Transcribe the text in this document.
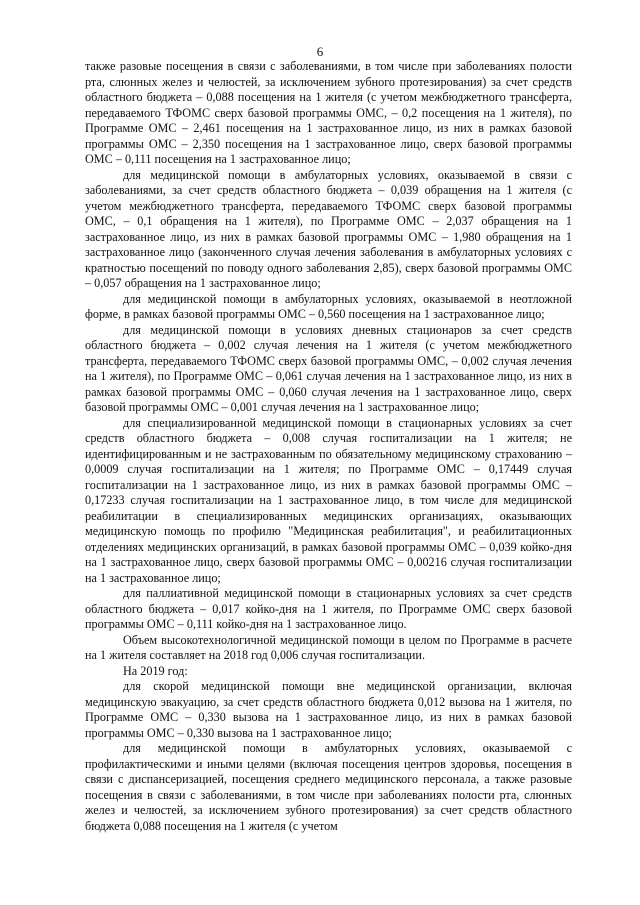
6

также разовые посещения в связи с заболеваниями, в том числе при заболеваниях полости рта, слюнных желез и челюстей, за исключением зубного протезирования) за счет средств областного бюджета – 0,088 посещения на 1 жителя (с учетом межбюджетного трансферта, передаваемого ТФОМС сверх базовой программы ОМС, – 0,2 посещения на 1 жителя), по Программе ОМС – 2,461 посещения на 1 застрахованное лицо, из них в рамках базовой программы ОМС – 2,350 посещения на 1 застрахованное лицо, сверх базовой программы ОМС – 0,111 посещения на 1 застрахованное лицо;

для медицинской помощи в амбулаторных условиях, оказываемой в связи с заболеваниями, за счет средств областного бюджета – 0,039 обращения на 1 жителя (с учетом межбюджетного трансферта, передаваемого ТФОМС сверх базовой программы ОМС, – 0,1 обращения на 1 жителя), по Программе ОМС – 2,037 обращения на 1 застрахованное лицо, из них в рамках базовой программы ОМС – 1,980 обращения на 1 застрахованное лицо (законченного случая лечения заболевания в амбулаторных условиях с кратностью посещений по поводу одного заболевания 2,85), сверх базовой программы ОМС – 0,057 обращения на 1 застрахованное лицо;

для медицинской помощи в амбулаторных условиях, оказываемой в неотложной форме, в рамках базовой программы ОМС – 0,560 посещения на 1 застрахованное лицо;

для медицинской помощи в условиях дневных стационаров за счет средств областного бюджета – 0,002 случая лечения на 1 жителя (с учетом межбюджетного трансферта, передаваемого ТФОМС сверх базовой программы ОМС, – 0,002 случая лечения на 1 жителя), по Программе ОМС – 0,061 случая лечения на 1 застрахованное лицо, из них в рамках базовой программы ОМС – 0,060 случая лечения на 1 застрахованное лицо, сверх базовой программы ОМС – 0,001 случая лечения на 1 застрахованное лицо;

для специализированной медицинской помощи в стационарных условиях за счет средств областного бюджета – 0,008 случая госпитализации на 1 жителя; не идентифицированным и не застрахованным по обязательному медицинскому страхованию – 0,0009 случая госпитализации на 1 жителя; по Программе ОМС – 0,17449 случая госпитализации на 1 застрахованное лицо, из них в рамках базовой программы ОМС – 0,17233 случая госпитализации на 1 застрахованное лицо, в том числе для медицинской реабилитации в специализированных медицинских организациях, оказывающих медицинскую помощь по профилю "Медицинская реабилитация", и реабилитационных отделениях медицинских организаций, в рамках базовой программы ОМС – 0,039 койко-дня на 1 застрахованное лицо, сверх базовой программы ОМС – 0,00216 случая госпитализации на 1 застрахованное лицо;

для паллиативной медицинской помощи в стационарных условиях за счет средств областного бюджета – 0,017 койко-дня на 1 жителя, по Программе ОМС сверх базовой программы ОМС – 0,111 койко-дня на 1 застрахованное лицо.

Объем высокотехнологичной медицинской помощи в целом по Программе в расчете на 1 жителя составляет на 2018 год 0,006 случая госпитализации.

На 2019 год:

для скорой медицинской помощи вне медицинской организации, включая медицинскую эвакуацию, за счет средств областного бюджета 0,012 вызова на 1 жителя, по Программе ОМС – 0,330 вызова на 1 застрахованное лицо, из них в рамках базовой программы ОМС – 0,330 вызова на 1 застрахованное лицо;

для медицинской помощи в амбулаторных условиях, оказываемой с профилактическими и иными целями (включая посещения центров здоровья, посещения в связи с диспансеризацией, посещения среднего медицинского персонала, а также разовые посещения в связи с заболеваниями, в том числе при заболеваниях полости рта, слюнных желез и челюстей, за исключением зубного протезирования) за счет средств областного бюджета 0,088 посещения на 1 жителя (с учетом
